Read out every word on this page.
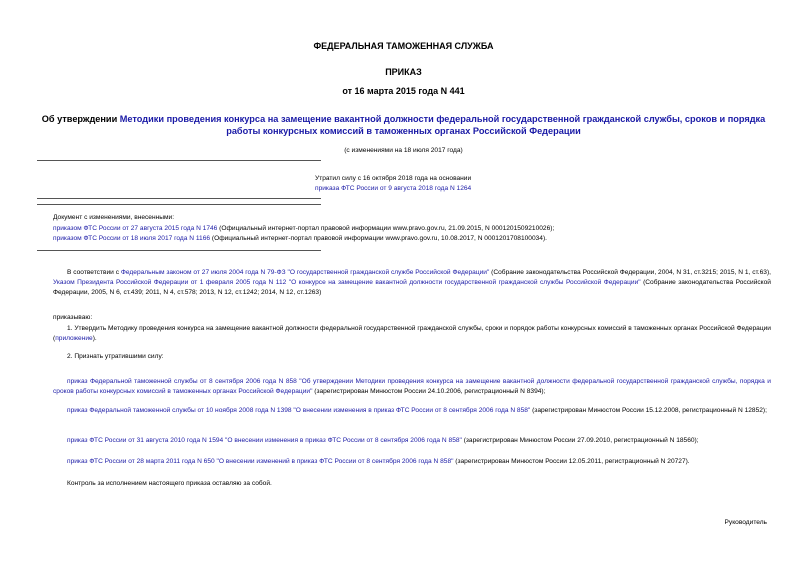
ФЕДЕРАЛЬНАЯ ТАМОЖЕННАЯ СЛУЖБА
ПРИКАЗ
от 16 марта 2015 года N 441
Об утверждении Методики проведения конкурса на замещение вакантной должности федеральной государственной гражданской службы, сроков и порядка
работы конкурсных комиссий в таможенных органах Российской Федерации
(с изменениями на 18 июля 2017 года)
Утратил силу с 16 октября 2018 года на основании
приказа ФТС России от 9 августа 2018 года N 1264
Документ с изменениями, внесенными:
приказом ФТС России от 27 августа 2015 года N 1746 (Официальный интернет-портал правовой информации www.pravo.gov.ru, 21.09.2015, N 0001201509210026);
приказом ФТС России от 18 июля 2017 года N 1166 (Официальный интернет-портал правовой информации www.pravo.gov.ru, 10.08.2017, N 0001201708100034).
В соответствии с Федеральным законом от 27 июля 2004 года N 79-ФЗ "О государственной гражданской службе Российской Федерации" (Собрание законодательства Российской Федерации, 2004, N 31, ст.3215; 2015, N 1, ст.63), Указом Президента Российской Федерации от 1 февраля 2005 года N 112 "О конкурсе на замещение вакантной должности государственной гражданской службы Российской Федерации" (Собрание законодательства Российской Федерации, 2005, N 6, ст.439; 2011, N 4, ст.578; 2013, N 12, ст.1242; 2014, N 12, ст.1263)
приказываю:
1. Утвердить Методику проведения конкурса на замещение вакантной должности федеральной государственной гражданской службы, сроки и порядок работы конкурсных комиссий в таможенных органах Российской Федерации (приложение).
2. Признать утратившими силу:
приказ Федеральной таможенной службы от 8 сентября 2006 года N 858 "Об утверждении Методики проведения конкурса на замещение вакантной должности федеральной государственной гражданской службы, порядка и сроков работы конкурсных комиссий в таможенных органах Российской Федерации" (зарегистрирован Минюстом России 24.10.2006, регистрационный N 8394);
приказ Федеральной таможенной службы от 10 ноября 2008 года N 1398 "О внесении изменения в приказ ФТС России от 8 сентября 2006 года N 858" (зарегистрирован Минюстом России 15.12.2008, регистрационный N 12852);
приказ ФТС России от 31 августа 2010 года N 1594 "О внесении изменения в приказ ФТС России от 8 сентября 2006 года N 858" (зарегистрирован Минюстом России 27.09.2010, регистрационный N 18560);
приказ ФТС России от 28 марта 2011 года N 650 "О внесении изменений в приказ ФТС России от 8 сентября 2006 года N 858" (зарегистрирован Минюстом России 12.05.2011, регистрационный N 20727).
Контроль за исполнением настоящего приказа оставляю за собой.
Руководитель
